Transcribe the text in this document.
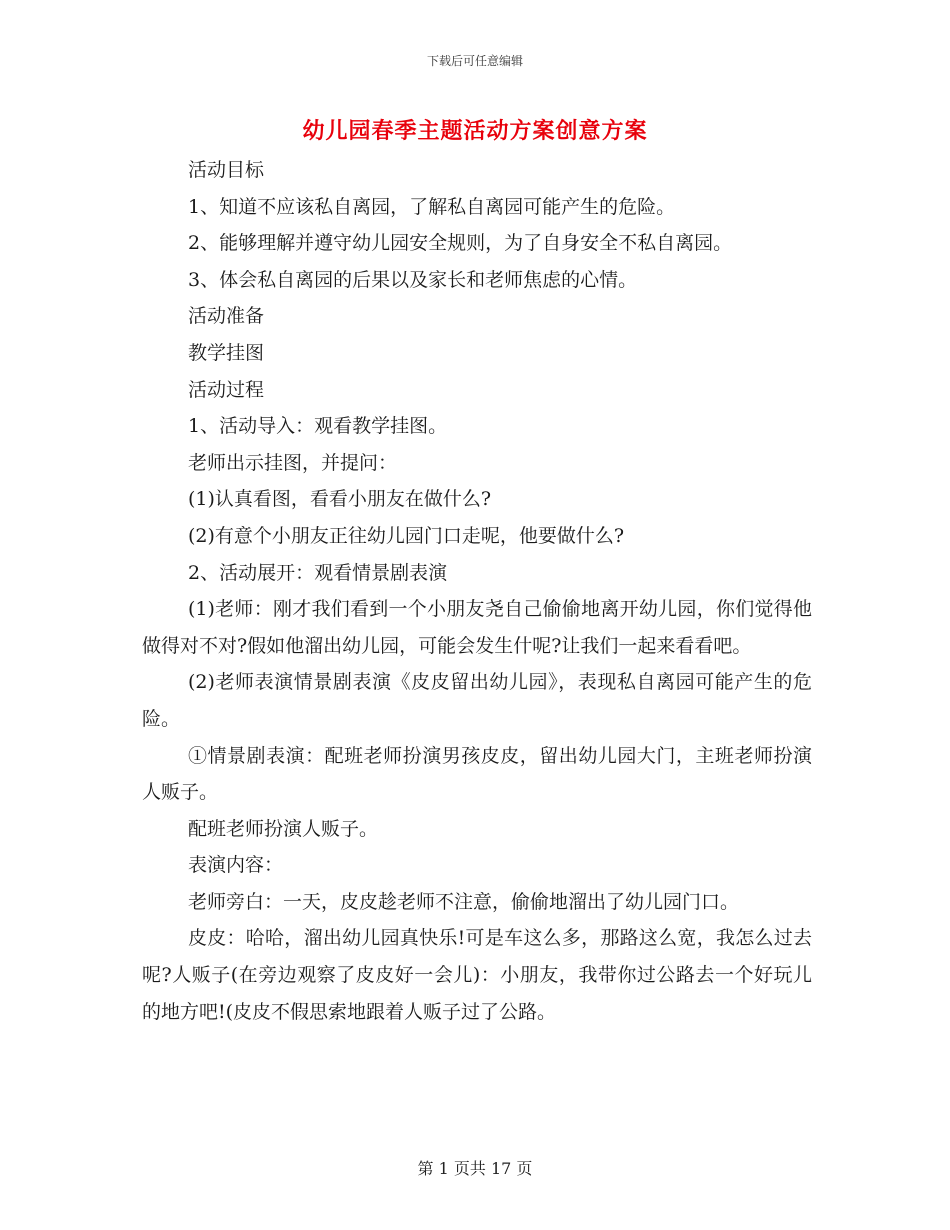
下载后可任意编辑
幼儿园春季主题活动方案创意方案

活动目标

1、知道不应该私自离园，了解私自离园可能产生的危险。

2、能够理解并遵守幼儿园安全规则，为了自身安全不私自离园。

3、体会私自离园的后果以及家长和老师焦虑的心情。

活动准备

教学挂图

活动过程

1、活动导入：观看教学挂图。

老师出示挂图，并提问：

(1)认真看图，看看小朋友在做什么?

(2)有意个小朋友正往幼儿园门口走呢，他要做什么?

2、活动展开：观看情景剧表演

(1)老师：刚才我们看到一个小朋友尧自己偷偷地离开幼儿园，你们觉得他做得对不对?假如他溜出幼儿园，可能会发生什呢?让我们一起来看看吧。

(2)老师表演情景剧表演《皮皮留出幼儿园》，表现私自离园可能产生的危险。

①情景剧表演：配班老师扮演男孩皮皮，留出幼儿园大门，主班老师扮演人贩子。

配班老师扮演人贩子。

表演内容：

老师旁白：一天，皮皮趁老师不注意，偷偷地溜出了幼儿园门口。

皮皮：哈哈，溜出幼儿园真快乐!可是车这么多，那路这么宽，我怎么过去呢?人贩子(在旁边观察了皮皮好一会儿)：小朋友，我带你过公路去一个好玩儿的地方吧!(皮皮不假思索地跟着人贩子过了公路。

第 1 页共 17 页
